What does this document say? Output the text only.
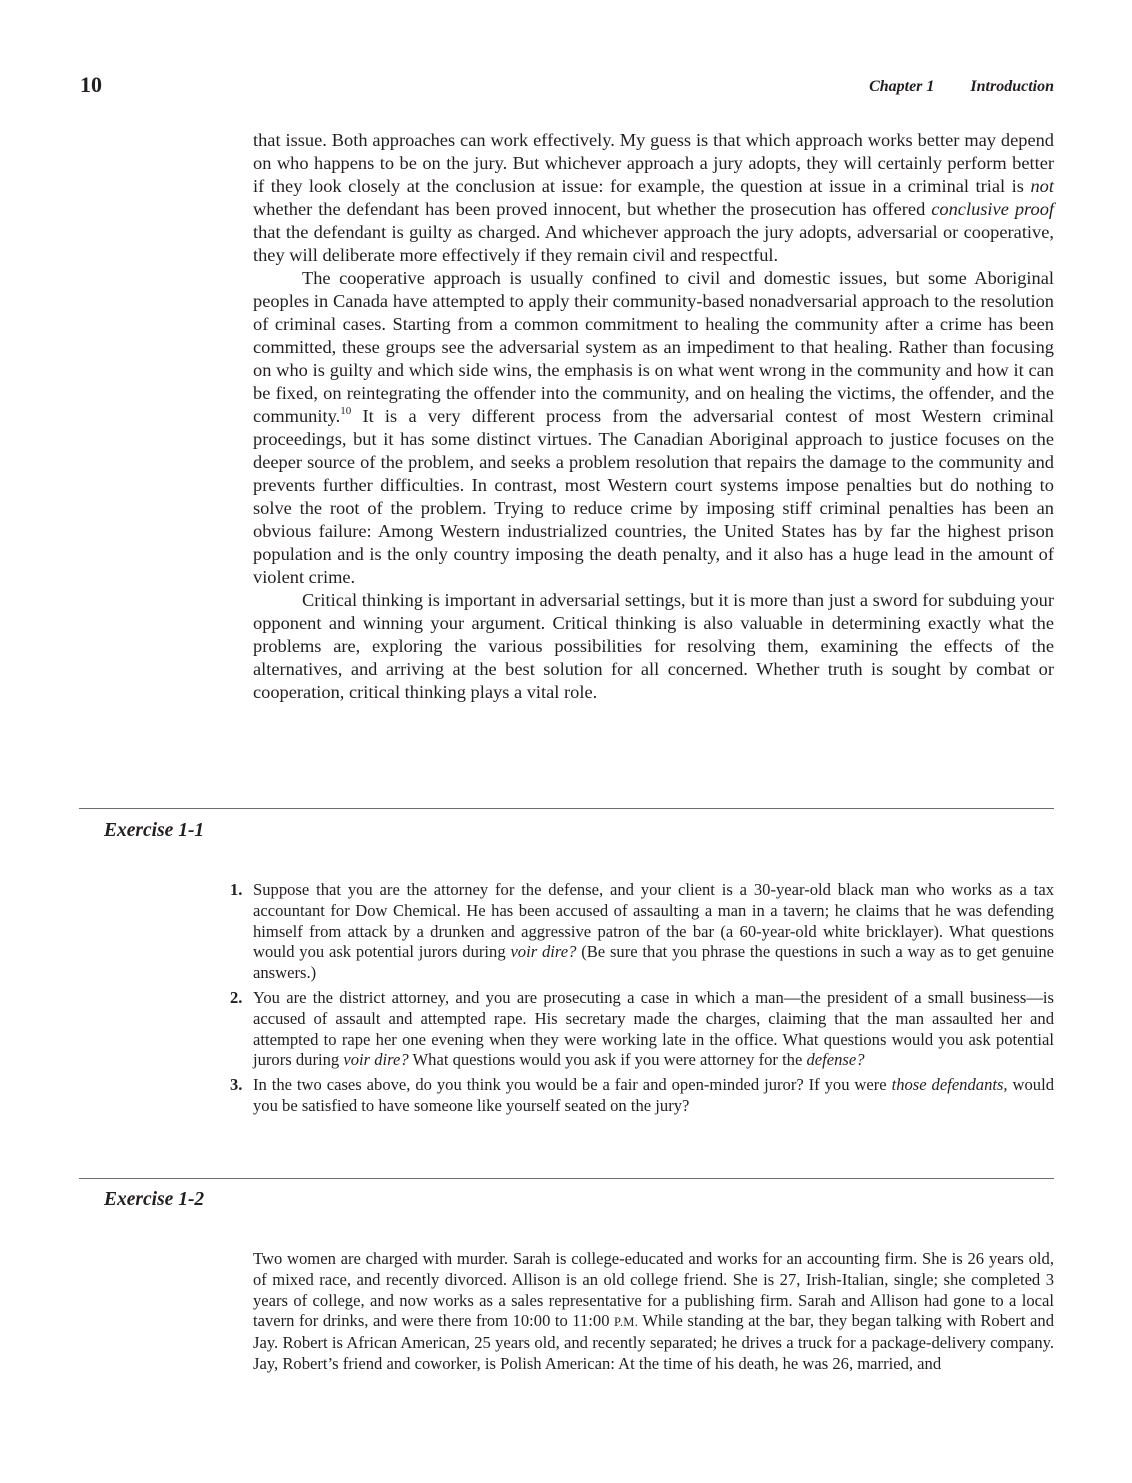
10	Chapter 1 Introduction

that issue. Both approaches can work effectively. My guess is that which approach works better may depend on who happens to be on the jury. But whichever approach a jury adopts, they will certainly perform better if they look closely at the conclusion at issue: for example, the question at issue in a criminal trial is not whether the defendant has been proved innocent, but whether the prosecution has offered conclusive proof that the defendant is guilty as charged. And whichever approach the jury adopts, adversarial or cooperative, they will deliberate more effectively if they remain civil and respectful.

The cooperative approach is usually confined to civil and domestic issues, but some Aboriginal peoples in Canada have attempted to apply their community-based nonadversarial approach to the resolution of criminal cases. Starting from a common commitment to healing the community after a crime has been committed, these groups see the adversarial system as an impediment to that healing. Rather than focusing on who is guilty and which side wins, the emphasis is on what went wrong in the community and how it can be fixed, on reintegrating the offender into the community, and on healing the victims, the offender, and the community.$^{10}$ It is a very different process from the adversarial contest of most Western criminal proceedings, but it has some distinct virtues. The Canadian Aboriginal approach to justice focuses on the deeper source of the problem, and seeks a problem resolution that repairs the damage to the community and prevents further difficulties. In contrast, most Western court systems impose penalties but do nothing to solve the root of the problem. Trying to reduce crime by imposing stiff criminal penalties has been an obvious failure: Among Western industrialized countries, the United States has by far the highest prison population and is the only country imposing the death penalty, and it also has a huge lead in the amount of violent crime.

Critical thinking is important in adversarial settings, but it is more than just a sword for subduing your opponent and winning your argument. Critical thinking is also valuable in determining exactly what the problems are, exploring the various possibilities for resolving them, examining the effects of the alternatives, and arriving at the best solution for all concerned. Whether truth is sought by combat or cooperation, critical thinking plays a vital role.

Exercise 1-1
1. Suppose that you are the attorney for the defense, and your client is a 30-year-old black man who works as a tax accountant for Dow Chemical. He has been accused of assaulting a man in a tavern; he claims that he was defending himself from attack by a drunken and aggressive patron of the bar (a 60-year-old white bricklayer). What questions would you ask potential jurors during voir dire? (Be sure that you phrase the questions in such a way as to get genuine answers.)
2. You are the district attorney, and you are prosecuting a case in which a man—the president of a small business—is accused of assault and attempted rape. His secretary made the charges, claiming that the man assaulted her and attempted to rape her one evening when they were working late in the office. What questions would you ask potential jurors during voir dire? What questions would you ask if you were attorney for the defense?
3. In the two cases above, do you think you would be a fair and open-minded juror? If you were those defendants, would you be satisfied to have someone like yourself seated on the jury?
Exercise 1-2

Two women are charged with murder. Sarah is college-educated and works for an accounting firm. She is 26 years old, of mixed race, and recently divorced. Allison is an old college friend. She is 27, Irish-Italian, single; she completed 3 years of college, and now works as a sales representative for a publishing firm. Sarah and Allison had gone to a local tavern for drinks, and were there from 10:00 to 11:00 P.M. While standing at the bar, they began talking with Robert and Jay. Robert is African American, 25 years old, and recently separated; he drives a truck for a package-delivery company. Jay, Robert’s friend and coworker, is Polish American: At the time of his death, he was 26, married, and
